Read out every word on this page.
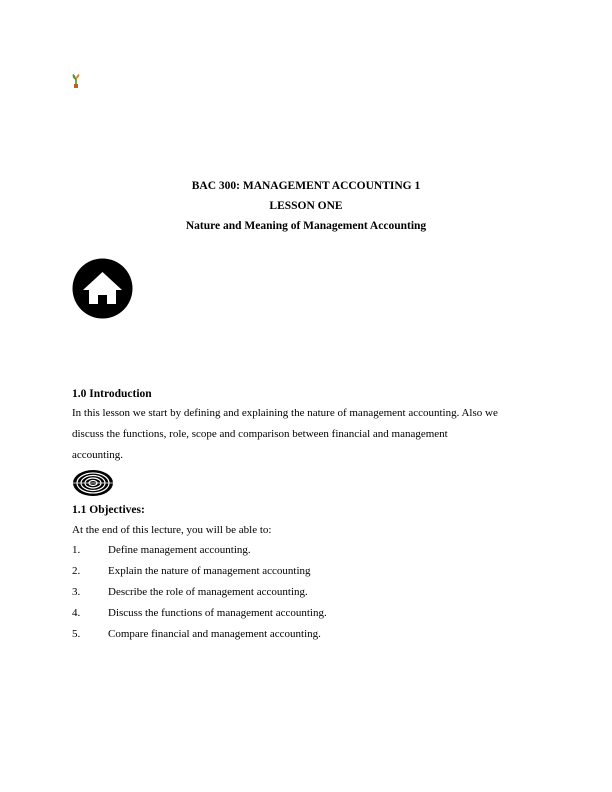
BAC 300: MANAGEMENT ACCOUNTING 1
LESSON ONE
Nature and Meaning of Management Accounting
1.0 Introduction
In this lesson we start by defining and explaining the nature of management accounting. Also we
discuss the functions, role, scope and comparison between financial and management
accounting.
1.1 Objectives:
At the end of this lecture, you will be able to:
1.	Define management accounting.
2.	Explain the nature of management accounting
3.	Describe the role of management accounting.
4.	Discuss the functions of management accounting.
5.	Compare financial and management accounting.
